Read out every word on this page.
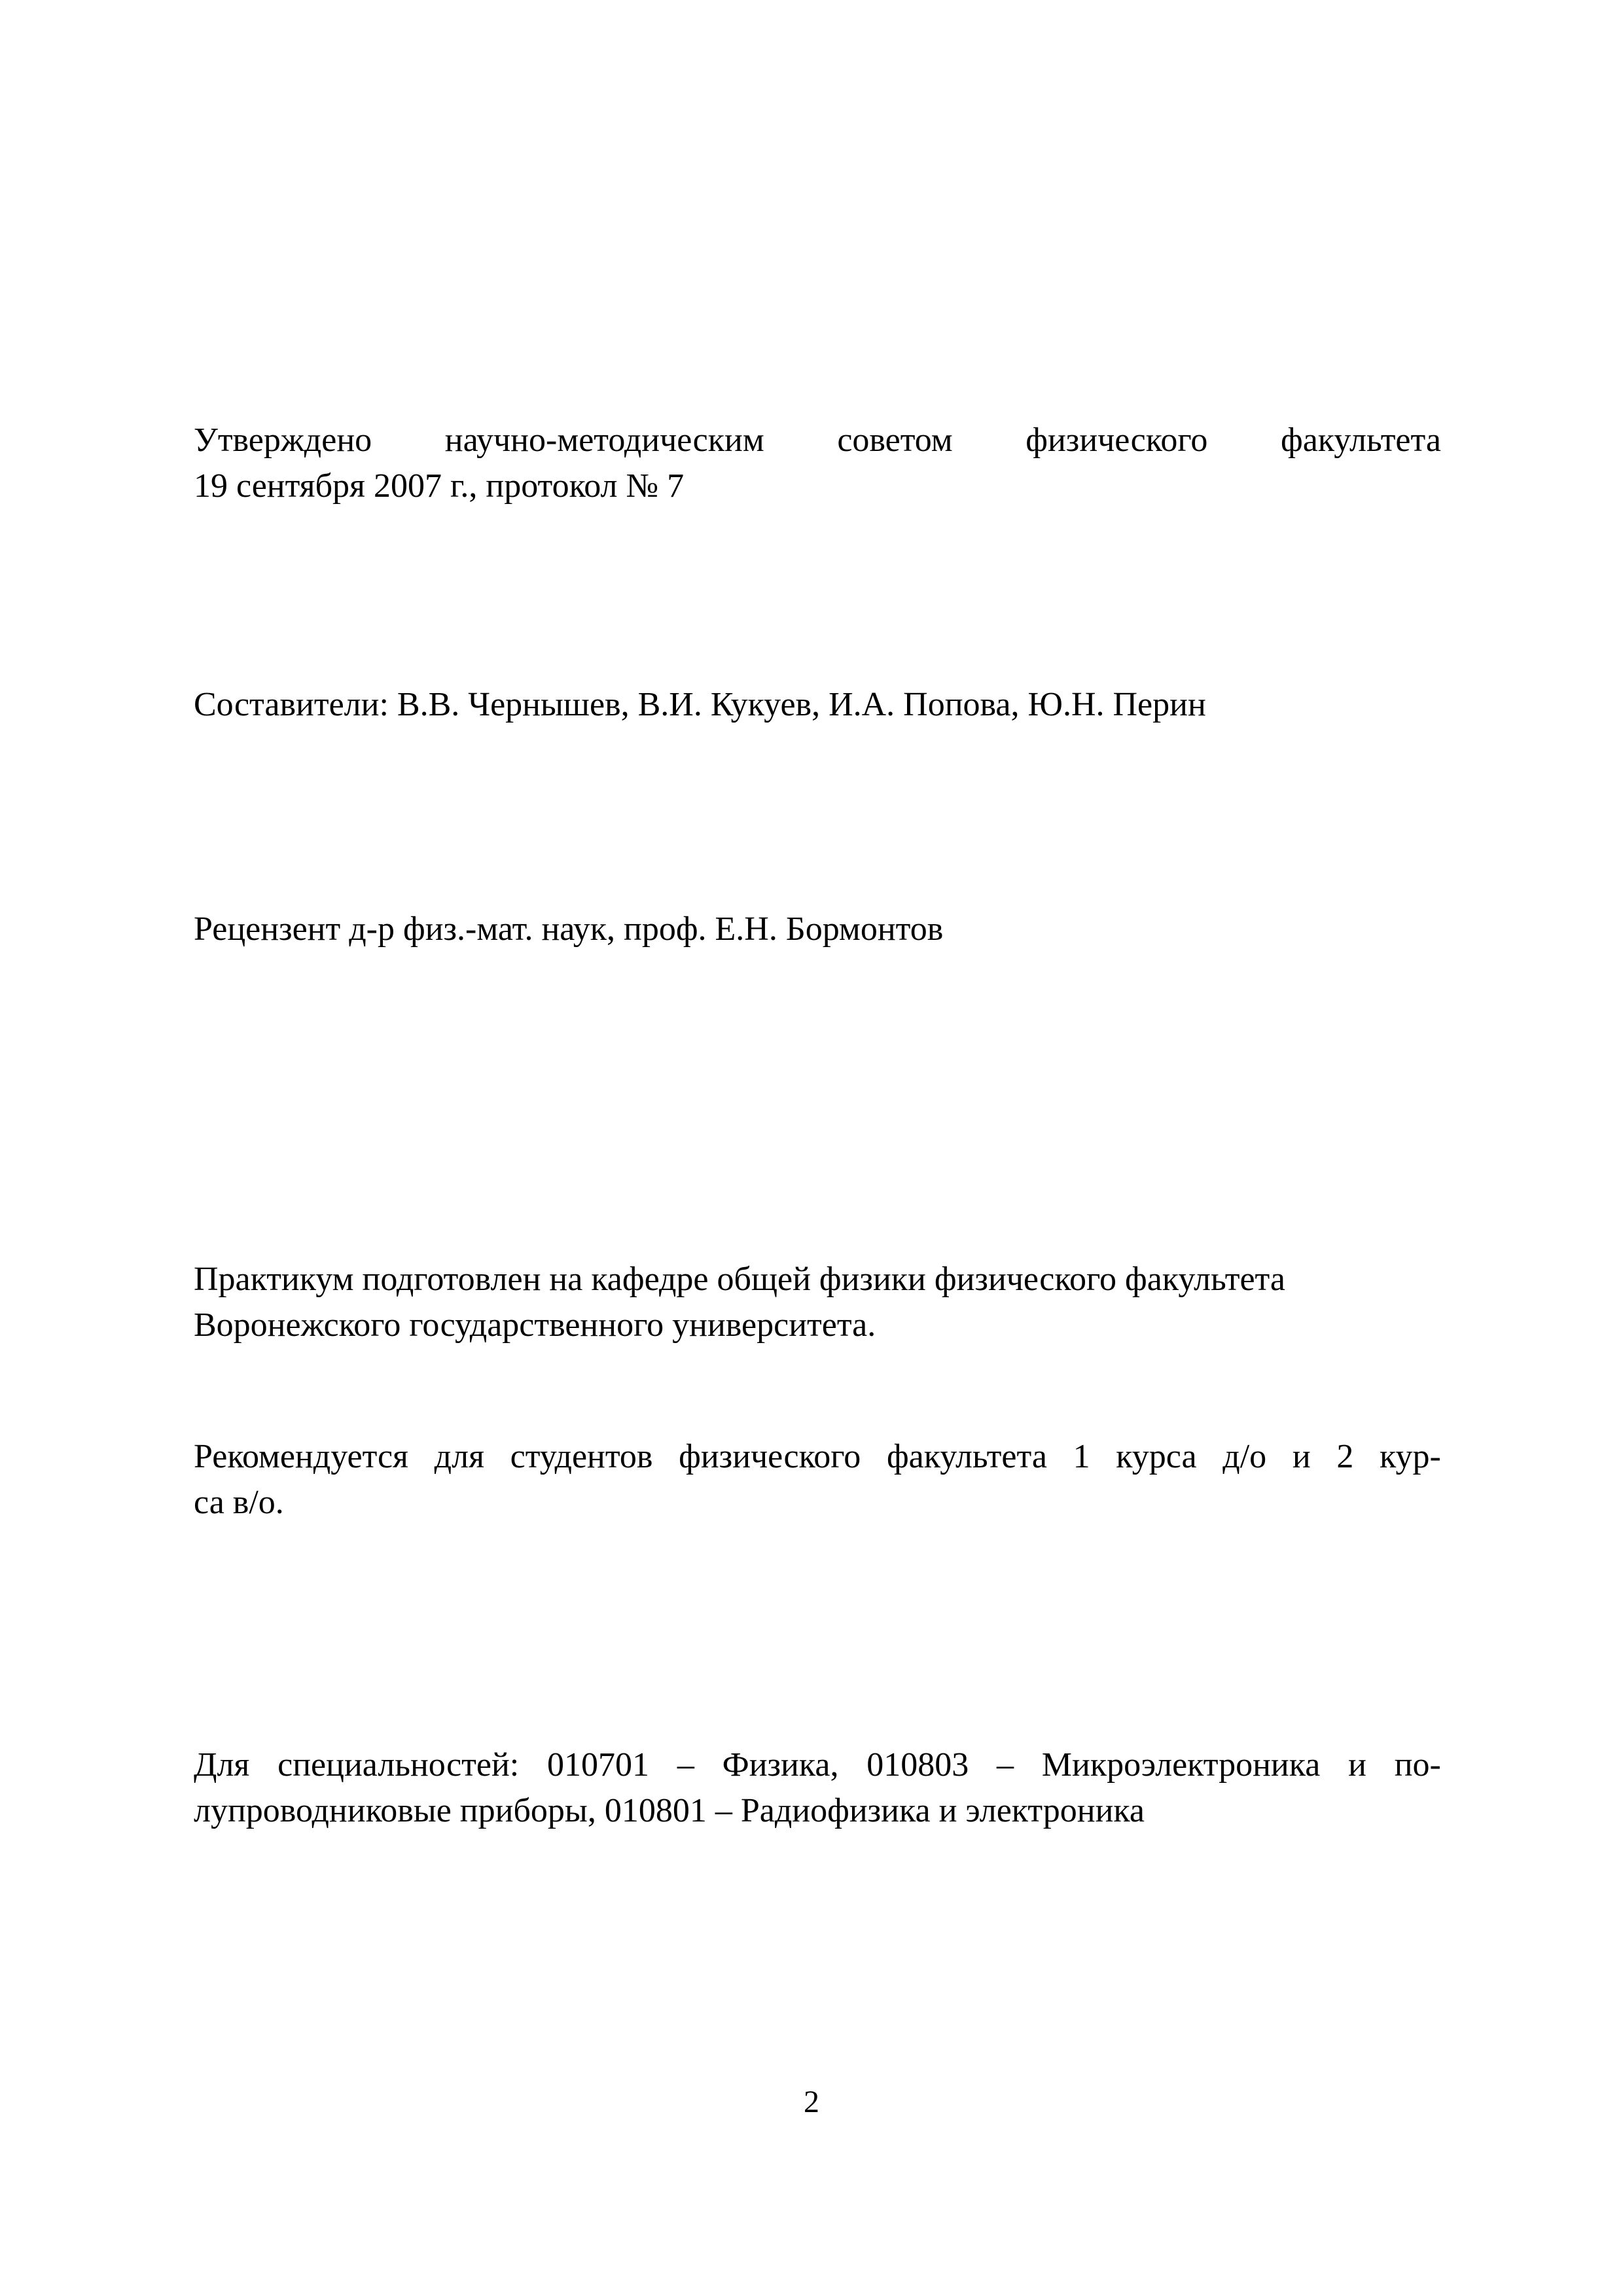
Утверждено научно-методическим советом физического факультета
19 сентября 2007 г., протокол № 7
Составители: В.В. Чернышев, В.И. Кукуев, И.А. Попова, Ю.Н. Перин
Рецензент д-р физ.-мат. наук, проф. Е.Н. Бормонтов
Практикум подготовлен на кафедре общей физики физического факультета
Воронежского государственного университета.
Рекомендуется для студентов физического факультета 1 курса д/о и 2 кур-
са в/о.
Для специальностей: 010701 – Физика, 010803 – Микроэлектроника и по-
лупроводниковые приборы, 010801 – Радиофизика и электроника
2
